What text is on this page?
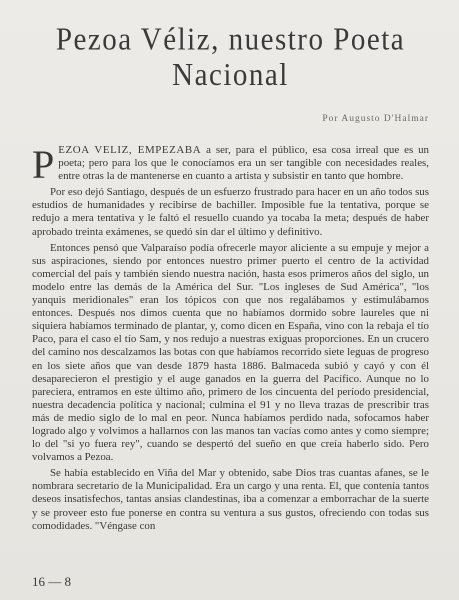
Pezoa Véliz, nuestro Poeta Nacional
Por Augusto D'Halmar

PEZOA VELIZ, EMPEZABA a ser, para el público, esa cosa irreal que es un poeta; pero para los que le conocíamos era un ser tangible con necesidades reales, entre otras la de mantenerse en cuanto a artista y subsistir en tanto que hombre.

Por eso dejó Santiago, después de un esfuerzo frustrado para hacer en un año todos sus estudios de humanidades y recibirse de bachiller. Imposible fue la tentativa, porque se redujo a mera tentativa y le faltó el resuello cuando ya tocaba la meta; después de haber aprobado treinta exámenes, se quedó sin dar el último y definitivo.

Entonces pensó que Valparaíso podía ofrecerle mayor aliciente a su empuje y mejor a sus aspiraciones, siendo por entonces nuestro primer puerto el centro de la actividad comercial del país y también siendo nuestra nación, hasta esos primeros años del siglo, un modelo entre las demás de la América del Sur. "Los ingleses de Sud América", "los yanquis meridionales" eran los tópicos con que nos regalábamos y estimulábamos entonces. Después nos dimos cuenta que no habíamos dormido sobre laureles que ni siquiera habíamos terminado de plantar, y, como dicen en España, vino con la rebaja el tío Paco, para el caso el tío Sam, y nos redujo a nuestras exiguas proporciones. En un crucero del camino nos descalzamos las botas con que habíamos recorrido siete leguas de progreso en los siete años que van desde 1879 hasta 1886. Balmaceda subió y cayó y con él desaparecieron el prestigio y el auge ganados en la guerra del Pacífico. Aunque no lo pareciera, entramos en este último año, primero de los cincuenta del período presidencial, nuestra decadencia política y nacional; culmina el 91 y no lleva trazas de prescribir tras más de medio siglo de lo mal en peor. Nunca habíamos perdido nada, sofocamos haber logrado algo y volvimos a hallarnos con las manos tan vacías como antes y como siempre; lo del "si yo fuera rey", cuando se despertó del sueño en que creía haberlo sido. Pero volvamos a Pezoa.

Se había establecido en Viña del Mar y obtenido, sabe Dios tras cuantas afanes, se le nombrara secretario de la Municipalidad. Era un cargo y una renta. El, que contenía tantos deseos insatisfechos, tantas ansias clandestinas, iba a comenzar a emborrachar de la suerte y se proveer esto fue ponerse en contra su ventura a sus gustos, ofreciendo con todas sus comodidades. "Véngase con

16 — 8
